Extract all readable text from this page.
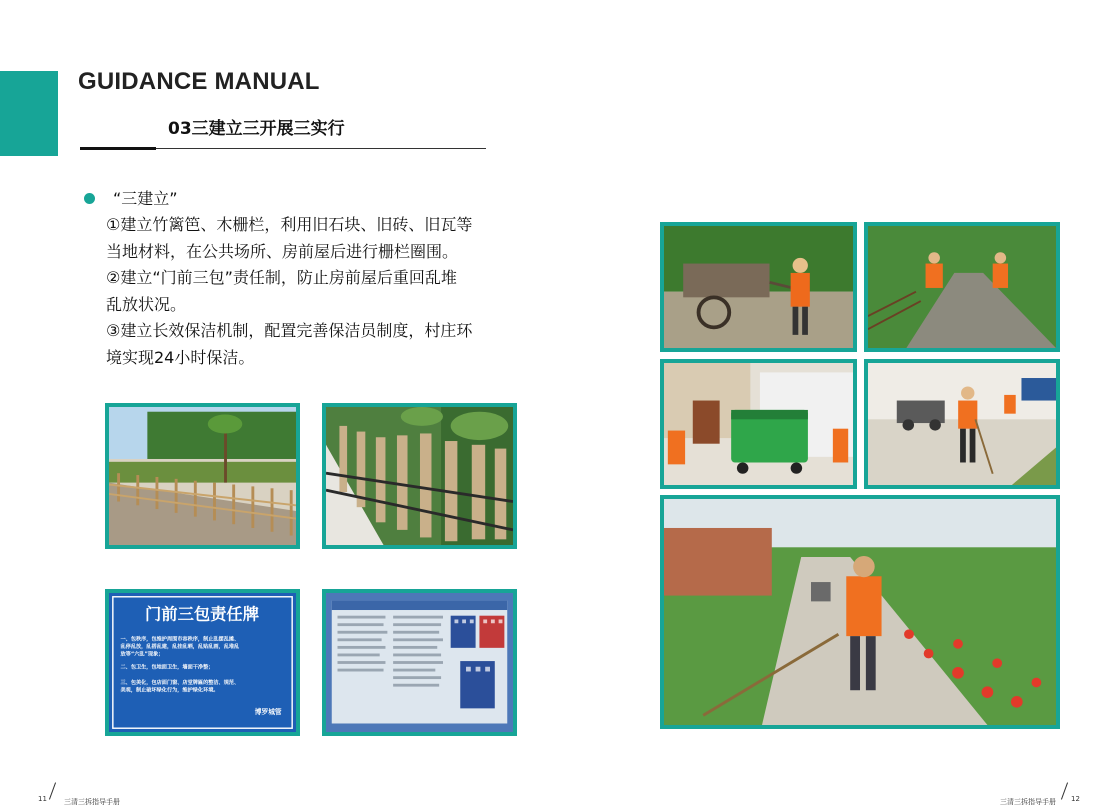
GUIDANCE MANUAL
03三建立三开展三实行
“三建立”

①建立竹篱笆、木栅栏，利用旧石块、旧砖、旧瓦等

当地材料，在公共场所、房前屋后进行栅栏圈围。

②建立“门前三包”责任制，防止房前屋后重回乱堆

乱放状况。

③建立长效保洁机制，配置完善保洁员制度，村庄环

境实现24小时保洁。

门前三包责任牌
一、包秩序，包维护周围市容秩序，制止乱摆乱摊、
乱停乱放，乱搭乱建，乱挂乱晒，乱贴乱画，乱堆乱
放等“六乱”现象；
二、包卫生，包地面卫生，墙面干净整；
三、包美化，包店面门窗、店堂牌匾的整洁、规范、
美观，制止破坏绿化行为，维护绿化环境。
博罗城管
11 三清三拆指导手册	三清三拆指导手册 12
